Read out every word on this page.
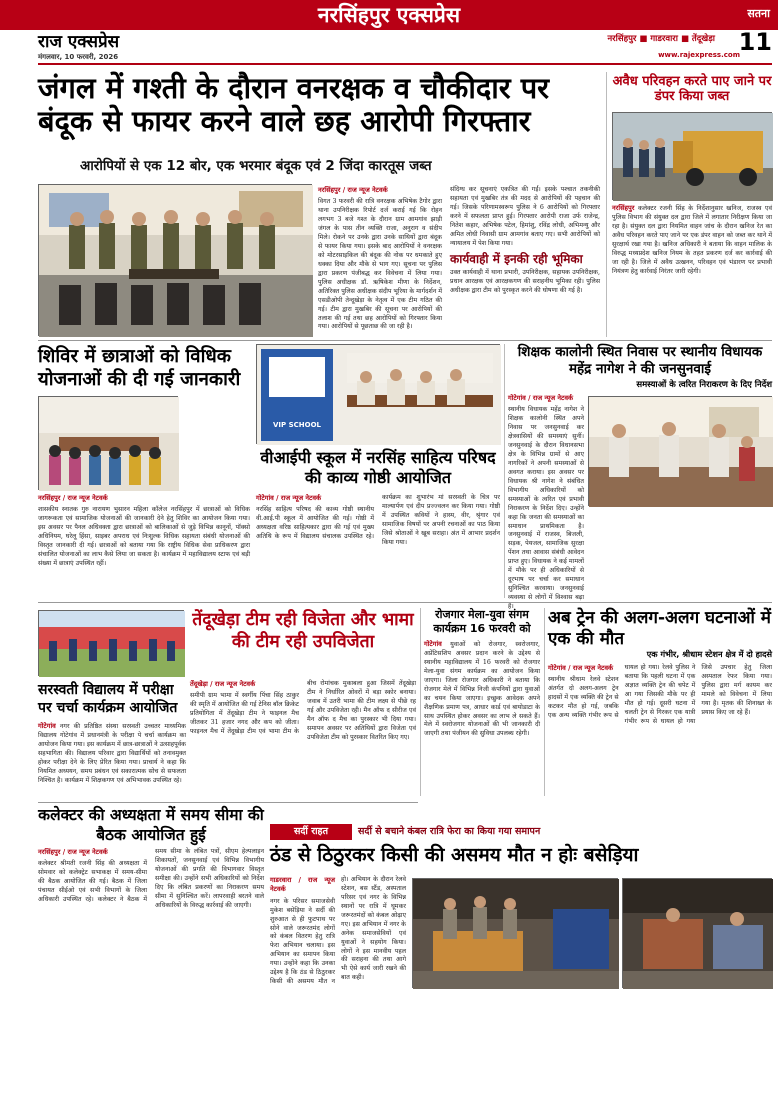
नरसिंहपुर एक्सप्रेस	सतना
राज एक्सप्रेस
मंगलवार, 10 फरवरी, 2026
नरसिंहपुर ■ गाडरवारा ■ तेंदूखेड़ा
www.rajexpress.com
11
जंगल में गश्ती के दौरान वनरक्षक व चौकीदार पर बंदूक से फायर करने वाले छह आरोपी गिरफ्तार
आरोपियों से एक 12 बोर, एक भरमार बंदूक एवं 2 जिंदा कारतूस जब्त
नरसिंहपुर / राज न्यूज नेटवर्क

विगत 3 फरवरी की रात्रि वनरक्षक अभिषेक टैगोर द्वारा थाना उपनिरीक्षक रिपोर्ट दर्ज कराई गई कि रोहन लगभग 3 बजे गश्त के दौरान ग्राम आमगांव झाड़ी जंगल के पास तीन व्यक्ति राजा, अनुराग व संदीप मिले। रोकने पर उनके द्वारा उनके साथियों द्वारा बंदूक से फायर किया गया। इसके बाद आरोपियों ने वनरक्षक को मोटरसाइकिल की बंदूक की नोक पर धमकाते हुए धक्का दिया और मौके से भाग गए। सूचना पर पुलिस द्वारा प्रकरण पंजीबद्ध कर विवेचना में लिया गया। पुलिस अधीक्षक डॉ. ऋषिकेश मीणा के निर्देशन, अतिरिक्त पुलिस अधीक्षक संदीप भूरिया के मार्गदर्शन में एसडीओपी तेन्दूखेड़ा के नेतृत्व में एक टीम गठित की गई। टीम द्वारा मुखबिर की सूचना पर आरोपियों की तलाश की गई तथा छह आरोपियों को गिरफ्तार किया गया। आरोपियों से पूछताछ की जा रही है।

संदिग्ध कर सूचनाएं एकत्रित की गईं। इसके पश्चात तकनीकी सहायता एवं मुखबिर तंत्र की मदद से आरोपियों की पहचान की गई। जिसके परिणामस्वरूप पुलिस ने 6 आरोपियों को गिरफ्तार करने में सफलता प्राप्त हुई। गिरफ्तार आरोपी राजा उर्फ राजेन्द्र, नितेश कहार, अभिषेक पटेल, हिमांशु, रविंद्र लोधी, अभिमन्यु और अमित लोधी निवासी ग्राम आमगांव बताए गए। सभी आरोपियों को न्यायालय में पेश किया गया।

कार्यवाही में इनकी रही भूमिका

उक्त कार्यवाही में थाना प्रभारी, उपनिरीक्षक, सहायक उपनिरीक्षक, प्रधान आरक्षक एवं आरक्षकगण की सराहनीय भूमिका रही। पुलिस अधीक्षक द्वारा टीम को पुरस्कृत करने की घोषणा की गई है।

अवैध परिवहन करते पाए जाने पर डंपर किया जब्त
नरसिंहपुर कलेक्टर रजनी सिंह के निर्देशानुसार खनिज, राजस्व एवं पुलिस विभाग की संयुक्त दल द्वारा जिले में लगातार निरीक्षण किया जा रहा है। संयुक्त दल द्वारा नियमित वाहन जांच के दौरान खनिज रेत का अवैध परिवहन करते पाए जाने पर एक डंपर वाहन को जब्त कर थाने में सुरक्षार्थ रखा गया है। खनिज अधिकारी ने बताया कि वाहन मालिक के विरुद्ध मध्यप्रदेश खनिज नियम के तहत प्रकरण दर्ज कर कार्रवाई की जा रही है। जिले में अवैध उत्खनन, परिवहन एवं भंडारण पर प्रभावी नियंत्रण हेतु कार्रवाई निरंतर जारी रहेगी।
शिविर में छात्राओं को विधिक योजनाओं की दी गई जानकारी
नरसिंहपुर / राज न्यूज नेटवर्क

शासकीय स्नातक गुरु नारायण भुसारन महिला कॉलेज नरसिंहपुर में छात्राओं को विधिक जागरूकता एवं सामाजिक योजनाओं की जानकारी देने हेतु शिविर का आयोजन किया गया। इस अवसर पर पैनल अधिवक्ता द्वारा छात्राओं को बालिकाओं से जुड़े विभिन्न कानूनों, पॉक्सो अधिनियम, घरेलू हिंसा, साइबर अपराध एवं निःशुल्क विधिक सहायता संबंधी योजनाओं की विस्तृत जानकारी दी गई। छात्राओं को बताया गया कि राष्ट्रीय विधिक सेवा प्राधिकरण द्वारा संचालित योजनाओं का लाभ कैसे लिया जा सकता है। कार्यक्रम में महाविद्यालय स्टाफ एवं बड़ी संख्या में छात्राएं उपस्थित रहीं।

VIP SCHOOL
वीआईपी स्कूल में नरसिंह साहित्य परिषद की काव्य गोष्ठी आयोजित
गोटेगांव / राज न्यूज नेटवर्क

नरसिंह साहित्य परिषद की काव्य गोष्ठी स्थानीय वी.आई.पी स्कूल में आयोजित की गई। गोष्ठी में अध्यक्षता वरिष्ठ साहित्यकार द्वारा की गई एवं मुख्य अतिथि के रूप में विद्यालय संचालक उपस्थित रहे। कार्यक्रम का शुभारंभ मां सरस्वती के चित्र पर माल्यार्पण एवं दीप प्रज्ज्वलन कर किया गया। गोष्ठी में उपस्थित कवियों ने हास्य, वीर, श्रृंगार एवं सामाजिक विषयों पर अपनी रचनाओं का पाठ किया जिसे श्रोताओं ने खूब सराहा। अंत में आभार प्रदर्शन किया गया।

शिक्षक कालोनी स्थित निवास पर स्थानीय विधायक महेंद्र नागेश ने की जनसुनवाई
समस्याओं के त्वरित निराकरण के दिए निर्देश
गोटेगांव / राज न्यूज नेटवर्क

स्थानीय विधायक महेंद्र नागेश ने शिक्षक कालोनी स्थित अपने निवास पर जनसुनवाई कर क्षेत्रवासियों की समस्याएं सुनीं। जनसुनवाई के दौरान विधानसभा क्षेत्र के विभिन्न ग्रामों से आए नागरिकों ने अपनी समस्याओं से अवगत कराया। इस अवसर पर विधायक श्री नागेश ने संबंधित विभागीय अधिकारियों को समस्याओं के त्वरित एवं प्रभावी निराकरण के निर्देश दिए। उन्होंने कहा कि जनता की समस्याओं का समाधान प्राथमिकता है। जनसुनवाई में राजस्व, बिजली, सड़क, पेयजल, सामाजिक सुरक्षा पेंशन तथा आवास संबंधी आवेदन प्राप्त हुए। विधायक ने कई मामलों में मौके पर ही अधिकारियों से दूरभाष पर चर्चा कर समाधान सुनिश्चित करवाया। जनसुनवाई व्यवस्था से लोगों में विश्वास बढ़ा है।

तेंदूखेड़ा टीम रही विजेता और भामा की टीम रही उपविजेता
तेंदूखेड़ा / राज न्यूज नेटवर्क

समीपी ग्राम भामा में स्वर्गीय पिंचा सिंह ठाकुर की स्मृति में आयोजित की गई टेनिस बॉल क्रिकेट प्रतियोगिता में तेंदूखेड़ा टीम ने फाइनल मैच जीतकर 31 हजार नगद और कप को जीता। फाइनल मैच में तेंदूखेड़ा टीम एवं भामा टीम के बीच रोमांचक मुकाबला हुआ जिसमें तेंदूखेड़ा टीम ने निर्धारित ओवरों में बड़ा स्कोर बनाया। जवाब में उतरी भामा की टीम लक्ष्य से पीछे रह गई और उपविजेता रही। मैन ऑफ द सीरीज एवं मैन ऑफ द मैच का पुरस्कार भी दिया गया। समापन अवसर पर अतिथियों द्वारा विजेता एवं उपविजेता टीम को पुरस्कार वितरित किए गए।

सरस्वती विद्यालय में परीक्षा पर चर्चा कार्यक्रम आयोजित
गोटेगांव नगर की प्रतिष्ठित संस्था सरस्वती उच्चतर माध्यमिक विद्यालय गोटेगांव में प्रधानमंत्री के परीक्षा पे चर्चा कार्यक्रम का आयोजन किया गया। इस कार्यक्रम में छात्र-छात्राओं ने उत्साहपूर्वक सहभागिता की। विद्यालय परिवार द्वारा विद्यार्थियों को तनावमुक्त होकर परीक्षा देने के लिए प्रेरित किया गया। प्राचार्य ने कहा कि नियमित अध्ययन, समय प्रबंधन एवं सकारात्मक सोच से सफलता निश्चित है। कार्यक्रम में शिक्षकगण एवं अभिभावक उपस्थित रहे।
रोजगार मेला-युवा संगम कार्यक्रम 16 फरवरी को
गोटेगांव युवाओं को रोजगार, स्वरोजगार, अप्रेंटिसशिप अवसर प्रदान करने के उद्देश्य से स्थानीय महाविद्यालय में 16 फरवरी को रोजगार मेला-युवा संगम कार्यक्रम का आयोजन किया जाएगा। जिला रोजगार अधिकारी ने बताया कि रोजगार मेले में विभिन्न निजी कंपनियों द्वारा युवाओं का चयन किया जाएगा। इच्छुक आवेदक अपने शैक्षणिक प्रमाण पत्र, आधार कार्ड एवं बायोडाटा के साथ उपस्थित होकर अवसर का लाभ ले सकते हैं। मेले में स्वरोजगार योजनाओं की भी जानकारी दी जाएगी तथा पंजीयन की सुविधा उपलब्ध रहेगी।
अब ट्रेन की अलग-अलग घटनाओं में एक की मौत
एक गंभीर, श्रीधाम स्टेशन क्षेत्र में दो हादसे
गोटेगांव / राज न्यूज नेटवर्क

स्थानीय श्रीधाम रेलवे स्टेशन अंतर्गत दो अलग-अलग ट्रेन हादसों में एक व्यक्ति की ट्रेन से कटकर मौत हो गई, जबकि एक अन्य व्यक्ति गंभीर रूप से घायल हो गया। रेलवे पुलिस ने बताया कि पहली घटना में एक अज्ञात व्यक्ति ट्रेन की चपेट में आ गया जिसकी मौके पर ही मौत हो गई। दूसरी घटना में चलती ट्रेन से गिरकर एक यात्री गंभीर रूप से घायल हो गया जिसे उपचार हेतु जिला अस्पताल रेफर किया गया। पुलिस द्वारा मर्ग कायम कर मामले को विवेचना में लिया गया है। मृतक की शिनाख्त के प्रयास किए जा रहे हैं।

कलेक्टर की अध्यक्षता में समय सीमा की बैठक आयोजित हुई
नरसिंहपुर / राज न्यूज नेटवर्क

कलेक्टर श्रीमती रजनी सिंह की अध्यक्षता में सोमवार को कलेक्ट्रेट सभाकक्ष में समय-सीमा की बैठक आयोजित की गई। बैठक में जिला पंचायत सीईओ एवं सभी विभागों के जिला अधिकारी उपस्थित रहे। कलेक्टर ने बैठक में समय सीमा के लंबित पत्रों, सीएम हेल्पलाइन शिकायतों, जनसुनवाई एवं विभिन्न विभागीय योजनाओं की प्रगति की विभागवार विस्तृत समीक्षा की। उन्होंने सभी अधिकारियों को निर्देश दिए कि लंबित प्रकरणों का निराकरण समय सीमा में सुनिश्चित करें। लापरवाही बरतने वाले अधिकारियों के विरुद्ध कार्रवाई की जाएगी।

सर्दी राहत	सर्दी से बचाने कंबल रात्रि फेरा का किया गया समापन
ठंड से ठिठुरकर किसी की असमय मौत न होः बसेड़िया
गाडरवारा / राज न्यूज नेटवर्क

नगर के परिसर समाजसेवी मुकेश बसेड़िया ने सर्दी की शुरुआत से ही फुटपाथ पर सोने वाले जरूरतमंद लोगों को कंबल वितरण हेतु रात्रि फेरा अभियान चलाया। इस अभियान का समापन किया गया। उन्होंने कहा कि उनका उद्देश्य है कि ठंड से ठिठुरकर किसी की असमय मौत न हो। अभियान के दौरान रेलवे स्टेशन, बस स्टैंड, अस्पताल परिसर एवं नगर के विभिन्न स्थानों पर रात्रि में घूमकर जरूरतमंदों को कंबल ओढ़ाए गए। इस अभियान में नगर के अनेक समाजसेवियों एवं युवाओं ने सहयोग किया। लोगों ने इस मानवीय पहल की सराहना की तथा आगे भी ऐसे कार्य जारी रखने की बात कही।
